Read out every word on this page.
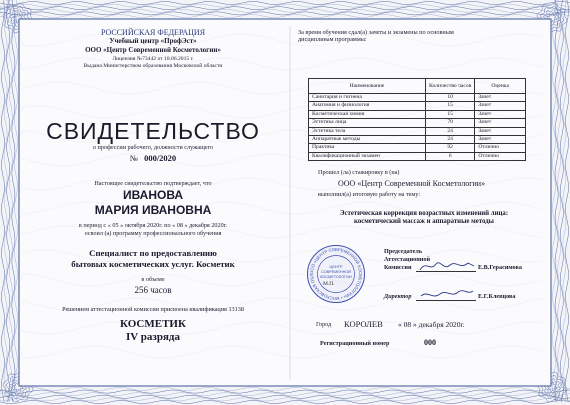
РОССИЙСКАЯ ФЕДЕРАЦИЯ
Учебный центр «ПрофЭст»
ООО «Центр Современной Косметологии»
Лицензия №73442 от 18.06.2015 г.
Выдана Министерством образования Московской области
СВИДЕТЕЛЬСТВО
о профессии рабочего, должности служащего
№ 000/2020
Настоящее свидетельство подтверждает, что
ИВАНОВА
МАРИЯ ИВАНОВНА
в период с « 05 » октября 2020г. по « 08 » декабря 2020г.
освоил (а) программу профессионального обучения
Специалист по предоставлению
бытовых косметических услуг. Косметик
в объеме
256 часов
Решением аттестационной комиссии присвоена квалификация 13138
КОСМЕТИК
IV разряда
За время обучения сдал(а) зачеты и экзамены по основным
дисциплинам программы:
Наименование	Количество часов	Оценка
Санитария и гигиена	10	Зачет
Анатомия и физиология	15	Зачет
Косметическая химия	15	Зачет
Эстетика лица	70	Зачет
Эстетика тела	24	Зачет
Аппаратные методы	24	Зачет
Практика	92	Отлично
Квалификационный экзамен	6	Отлично
Прошел (ла) стажировку в (на)
ООО «Центр Современной Косметологии»
выполнил(а) итоговую работу на тему:
Эстетическая коррекция возрастных изменений лица:
косметический массаж и аппаратные методы
ООО «ЦЕНТР СОВРЕМЕННОЙ КОСМЕТОЛОГИИ» • МОСКОВСКАЯ ОБЛ
ЦЕНТР
СОВРЕМЕННОЙ
КОСМЕТОЛОГИИ
М.П.
Председатель
Аттестационной
Комиссии	Е.В.Герасимова
Директор	Е.Г.Клевцова
Город КОРОЛЕВ « 08 » декабря 2020г.
Регистрационный номер	000
